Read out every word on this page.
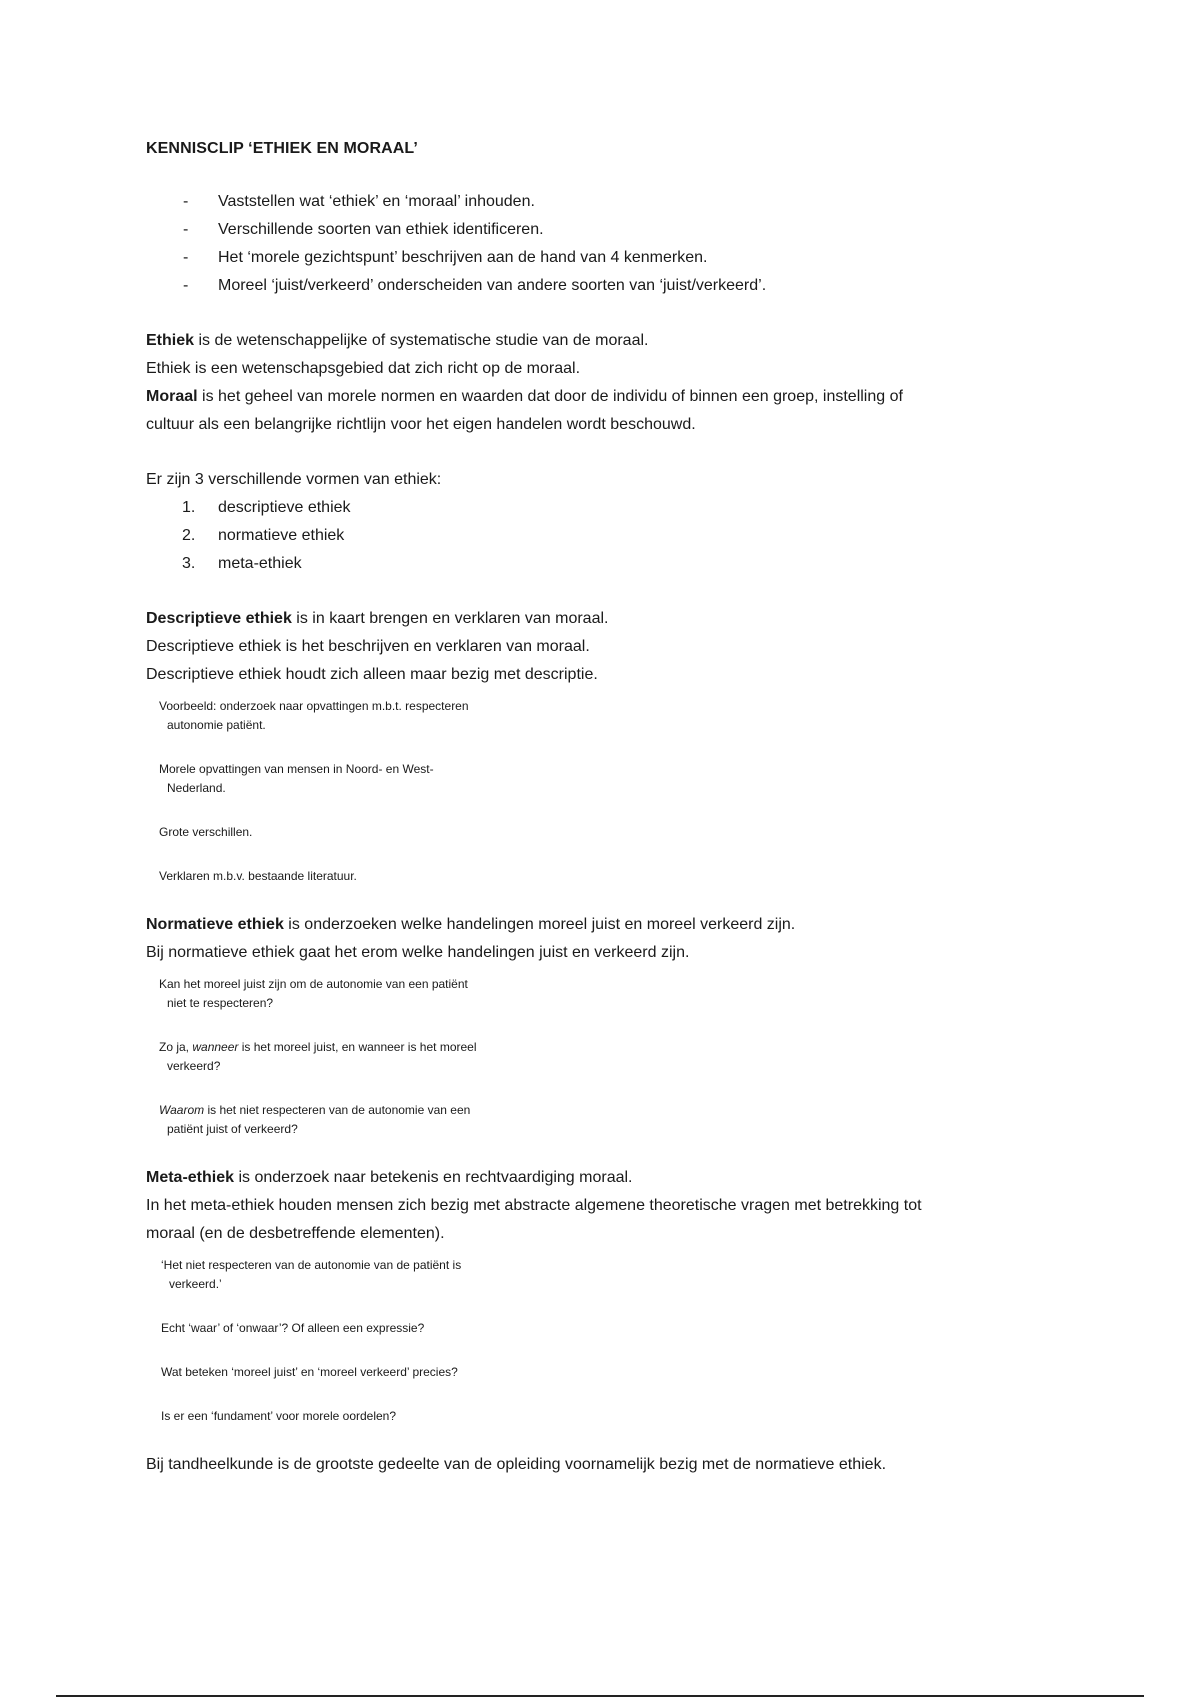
KENNISCLIP ‘ETHIEK EN MORAAL’
- Vaststellen wat ‘ethiek’ en ‘moraal’ inhouden.
- Verschillende soorten van ethiek identificeren.
- Het ‘morele gezichtspunt’ beschrijven aan de hand van 4 kenmerken.
- Moreel ‘juist/verkeerd’ onderscheiden van andere soorten van ‘juist/verkeerd’.

Ethiek is de wetenschappelijke of systematische studie van de moraal.

Ethiek is een wetenschapsgebied dat zich richt op de moraal.

Moraal is het geheel van morele normen en waarden dat door de individu of binnen een groep, instelling of

cultuur als een belangrijke richtlijn voor het eigen handelen wordt beschouwd.

Er zijn 3 verschillende vormen van ethiek:

1.	descriptieve ethiek
2.	normatieve ethiek
3.	meta-ethiek

Descriptieve ethiek is in kaart brengen en verklaren van moraal.

Descriptieve ethiek is het beschrijven en verklaren van moraal.

Descriptieve ethiek houdt zich alleen maar bezig met descriptie.

Voorbeeld: onderzoek naar opvattingen m.b.t. respecteren
autonomie patiënt.
Morele opvattingen van mensen in Noord- en West-
Nederland.
Grote verschillen.
Verklaren m.b.v. bestaande literatuur.

Normatieve ethiek is onderzoeken welke handelingen moreel juist en moreel verkeerd zijn.

Bij normatieve ethiek gaat het erom welke handelingen juist en verkeerd zijn.

Kan het moreel juist zijn om de autonomie van een patiënt
niet te respecteren?
Zo ja, wanneer is het moreel juist, en wanneer is het moreel
verkeerd?
Waarom is het niet respecteren van de autonomie van een
patiënt juist of verkeerd?

Meta-ethiek is onderzoek naar betekenis en rechtvaardiging moraal.

In het meta-ethiek houden mensen zich bezig met abstracte algemene theoretische vragen met betrekking tot

moraal (en de desbetreffende elementen).

‘Het niet respecteren van de autonomie van de patiënt is
verkeerd.’
Echt ‘waar’ of ‘onwaar’? Of alleen een expressie?
Wat beteken ‘moreel juist’ en ‘moreel verkeerd’ precies?
Is er een ‘fundament’ voor morele oordelen?

Bij tandheelkunde is de grootste gedeelte van de opleiding voornamelijk bezig met de normatieve ethiek.
